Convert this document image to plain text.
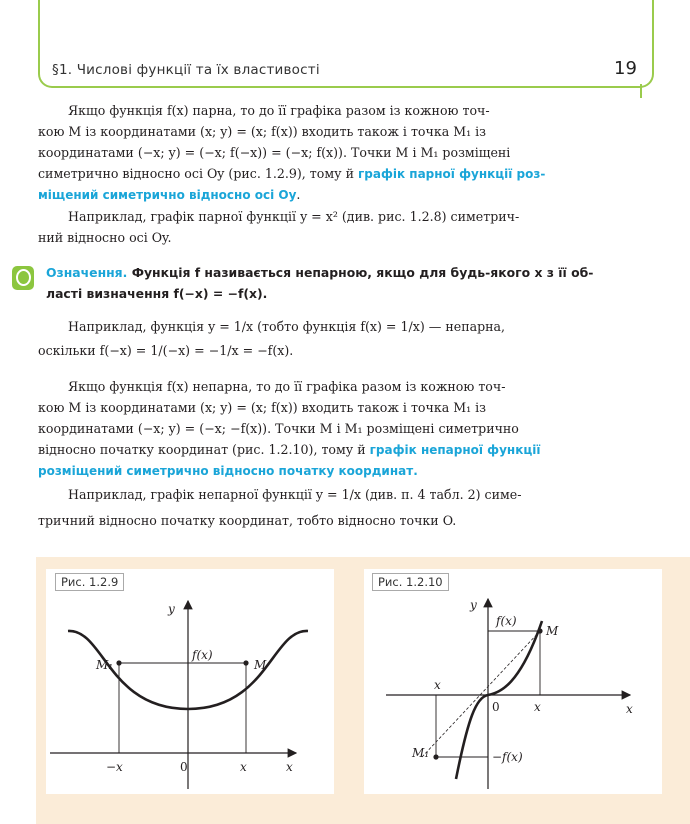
§1. Числові функції та їх властивості	19
Якщо функція f(x) парна, то до її графіка разом із кожною точ-
кою M із координатами (x; y) = (x; f(x)) входить також і точка M₁ із
координатами (−x; y) = (−x; f(−x)) = (−x; f(x)). Точки M і M₁ розміщені
симетрично відносно осі Oy (рис. 1.2.9), тому й графік парної функції роз-
міщений симетрично відносно осі Oy.
Наприклад, графік парної функції y = x² (див. рис. 1.2.8) симетрич-
ний відносно осі Oy.
Означення. Функція f називається непарною, якщо для будь-якого x з її об-
ласті визначення f(−x) = −f(x).
Наприклад, функція y = 1/x (тобто функція f(x) = 1/x) — непарна,
оскільки f(−x) = 1/(−x) = −1/x = −f(x).
Якщо функція f(x) непарна, то до її графіка разом із кожною точ-
кою M із координатами (x; y) = (x; f(x)) входить також і точка M₁ із
координатами (−x; y) = (−x; −f(x)). Точки M і M₁ розміщені симетрично
відносно початку координат (рис. 1.2.10), тому й графік непарної функції
розміщений симетрично відносно початку координат.
Наприклад, графік непарної функції y = 1/x (див. п. 4 табл. 2) симе-
тричний відносно початку координат, тобто відносно точки O.
y
x
M₁	M
f(x)
−x	0	x
Рис. 1.2.9
y
x
f(x)
M
x
0	x
M₁	−f(x)
Рис. 1.2.10
